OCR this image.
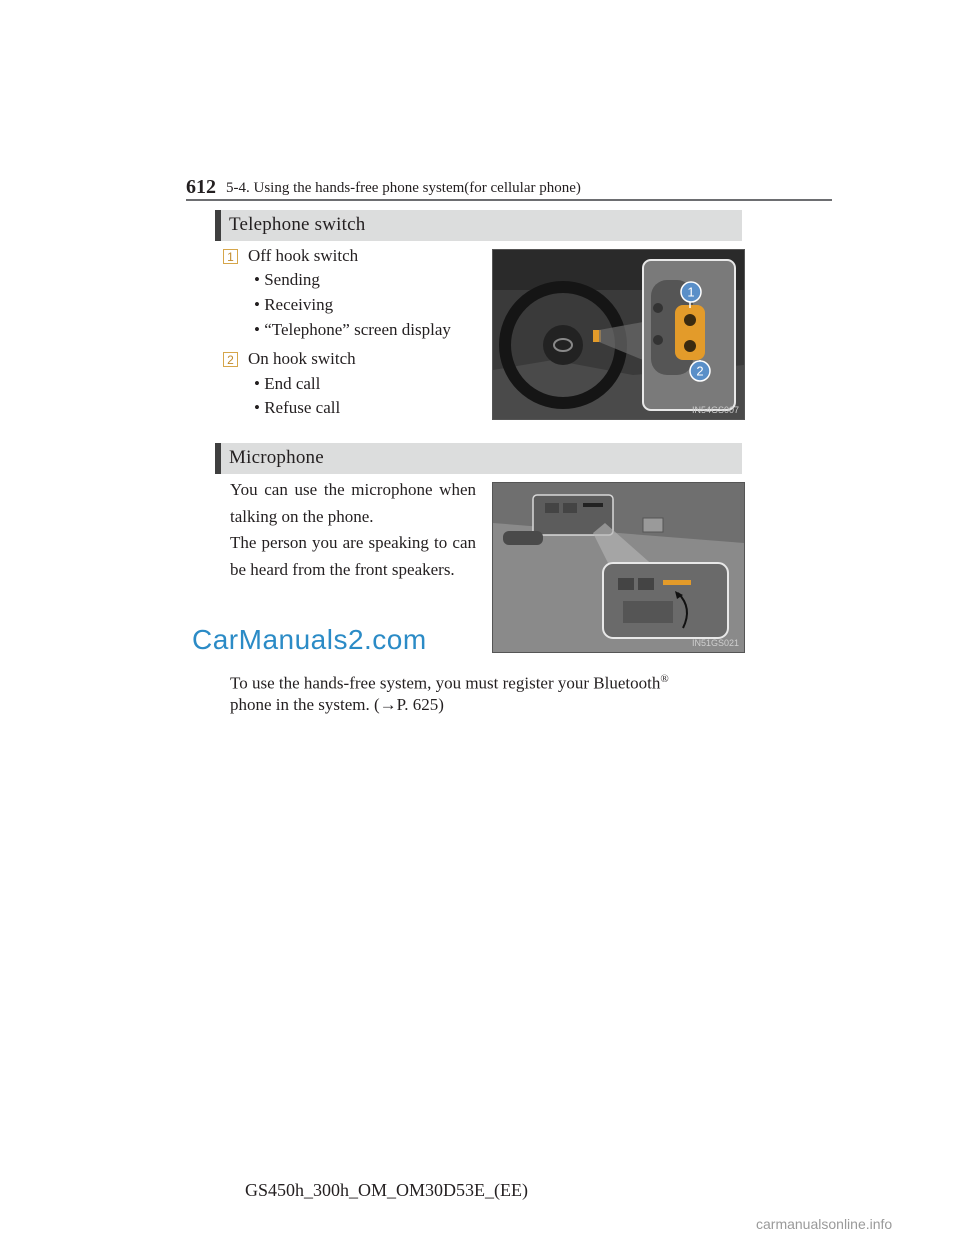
612 5-4. Using the hands-free phone system(for cellular phone)
Telephone switch
1 Off hook switch
• Sending
• Receiving
• “Telephone” screen display
2 On hook switch
• End call
• Refuse call
1
2
IN54GS007
Microphone
You can use the microphone when talking on the phone.
The person you are speaking to can be heard from the front speakers.
IN51GS021
CarManuals2.com
To use the hands-free system, you must register your Bluetooth®
phone in the system. (→P. 625)
GS450h_300h_OM_OM30D53E_(EE)
carmanualsonline.info
